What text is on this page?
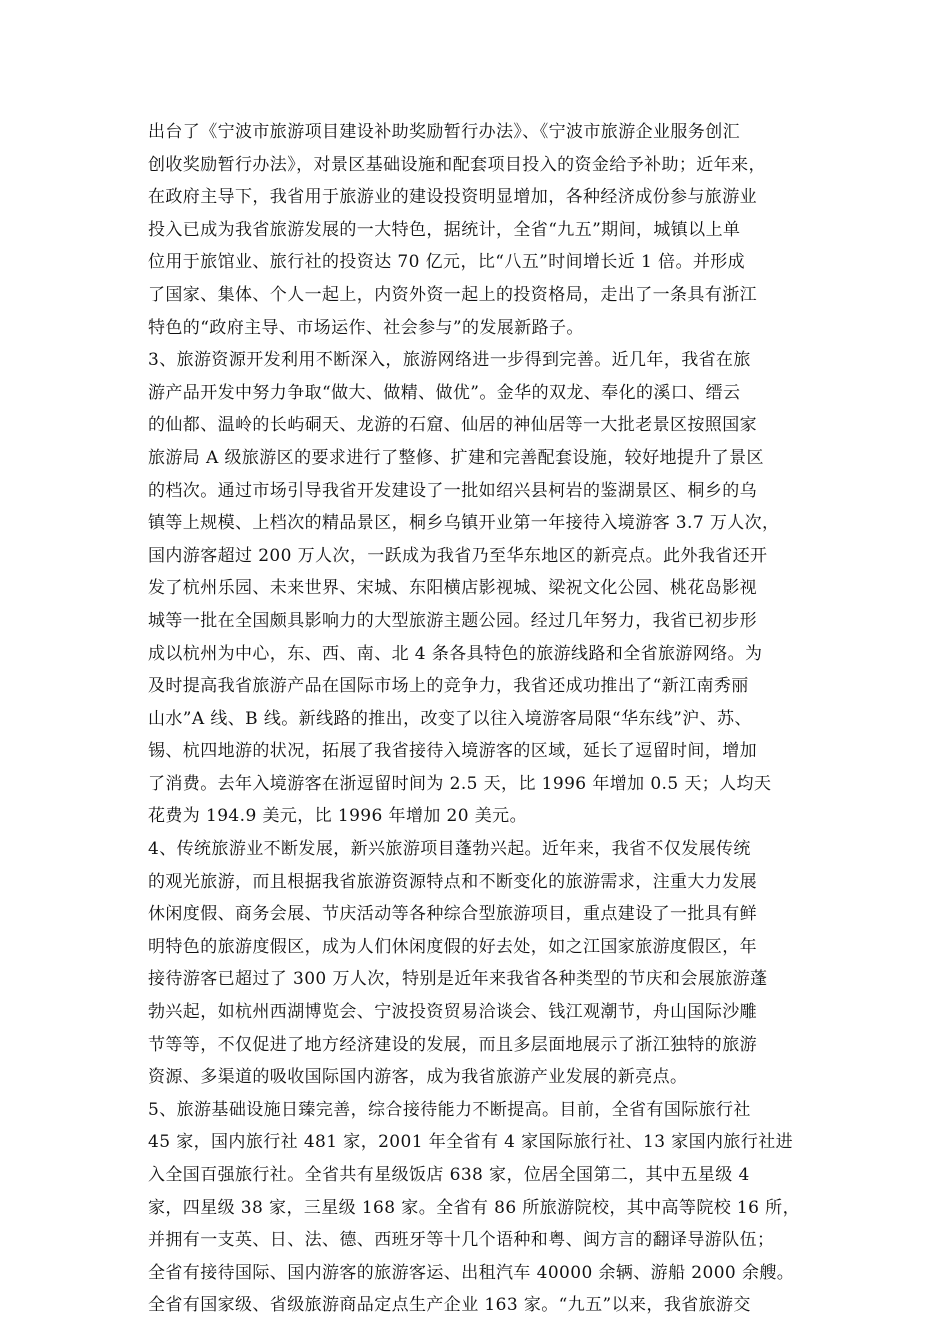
出台了《宁波市旅游项目建设补助奖励暂行办法》、《宁波市旅游企业服务创汇
创收奖励暂行办法》，对景区基础设施和配套项目投入的资金给予补助；近年来，
在政府主导下，我省用于旅游业的建设投资明显增加，各种经济成份参与旅游业
投入已成为我省旅游发展的一大特色，据统计，全省“九五”期间，城镇以上单
位用于旅馆业、旅行社的投资达 70 亿元，比“八五”时间增长近 1 倍。并形成
了国家、集体、个人一起上，内资外资一起上的投资格局，走出了一条具有浙江
特色的“政府主导、市场运作、社会参与”的发展新路子。
3、旅游资源开发利用不断深入，旅游网络进一步得到完善。近几年，我省在旅
游产品开发中努力争取“做大、做精、做优”。金华的双龙、奉化的溪口、缙云
的仙都、温岭的长屿硐天、龙游的石窟、仙居的神仙居等一大批老景区按照国家
旅游局 A 级旅游区的要求进行了整修、扩建和完善配套设施，较好地提升了景区
的档次。通过市场引导我省开发建设了一批如绍兴县柯岩的鉴湖景区、桐乡的乌
镇等上规模、上档次的精品景区，桐乡乌镇开业第一年接待入境游客 3.7 万人次，
国内游客超过 200 万人次，一跃成为我省乃至华东地区的新亮点。此外我省还开
发了杭州乐园、未来世界、宋城、东阳横店影视城、梁祝文化公园、桃花岛影视
城等一批在全国颇具影响力的大型旅游主题公园。经过几年努力，我省已初步形
成以杭州为中心，东、西、南、北 4 条各具特色的旅游线路和全省旅游网络。为
及时提高我省旅游产品在国际市场上的竞争力，我省还成功推出了“新江南秀丽
山水”A 线、B 线。新线路的推出，改变了以往入境游客局限“华东线”沪、苏、
锡、杭四地游的状况，拓展了我省接待入境游客的区域，延长了逗留时间，增加
了消费。去年入境游客在浙逗留时间为 2.5 天，比 1996 年增加 0.5 天；人均天
花费为 194.9 美元，比 1996 年增加 20 美元。
4、传统旅游业不断发展，新兴旅游项目蓬勃兴起。近年来，我省不仅发展传统
的观光旅游，而且根据我省旅游资源特点和不断变化的旅游需求，注重大力发展
休闲度假、商务会展、节庆活动等各种综合型旅游项目，重点建设了一批具有鲜
明特色的旅游度假区，成为人们休闲度假的好去处，如之江国家旅游度假区，年
接待游客已超过了 300 万人次，特别是近年来我省各种类型的节庆和会展旅游蓬
勃兴起，如杭州西湖博览会、宁波投资贸易洽谈会、钱江观潮节，舟山国际沙雕
节等等，不仅促进了地方经济建设的发展，而且多层面地展示了浙江独特的旅游
资源、多渠道的吸收国际国内游客，成为我省旅游产业发展的新亮点。
5、旅游基础设施日臻完善，综合接待能力不断提高。目前，全省有国际旅行社
45 家，国内旅行社 481 家，2001 年全省有 4 家国际旅行社、13 家国内旅行社进
入全国百强旅行社。全省共有星级饭店 638 家，位居全国第二，其中五星级 4
家，四星级 38 家，三星级 168 家。全省有 86 所旅游院校，其中高等院校 16 所，
并拥有一支英、日、法、德、西班牙等十几个语种和粤、闽方言的翻译导游队伍；
全省有接待国际、国内游客的旅游客运、出租汽车 40000 余辆、游船 2000 余艘。
全省有国家级、省级旅游商品定点生产企业 163 家。“九五”以来，我省旅游交
